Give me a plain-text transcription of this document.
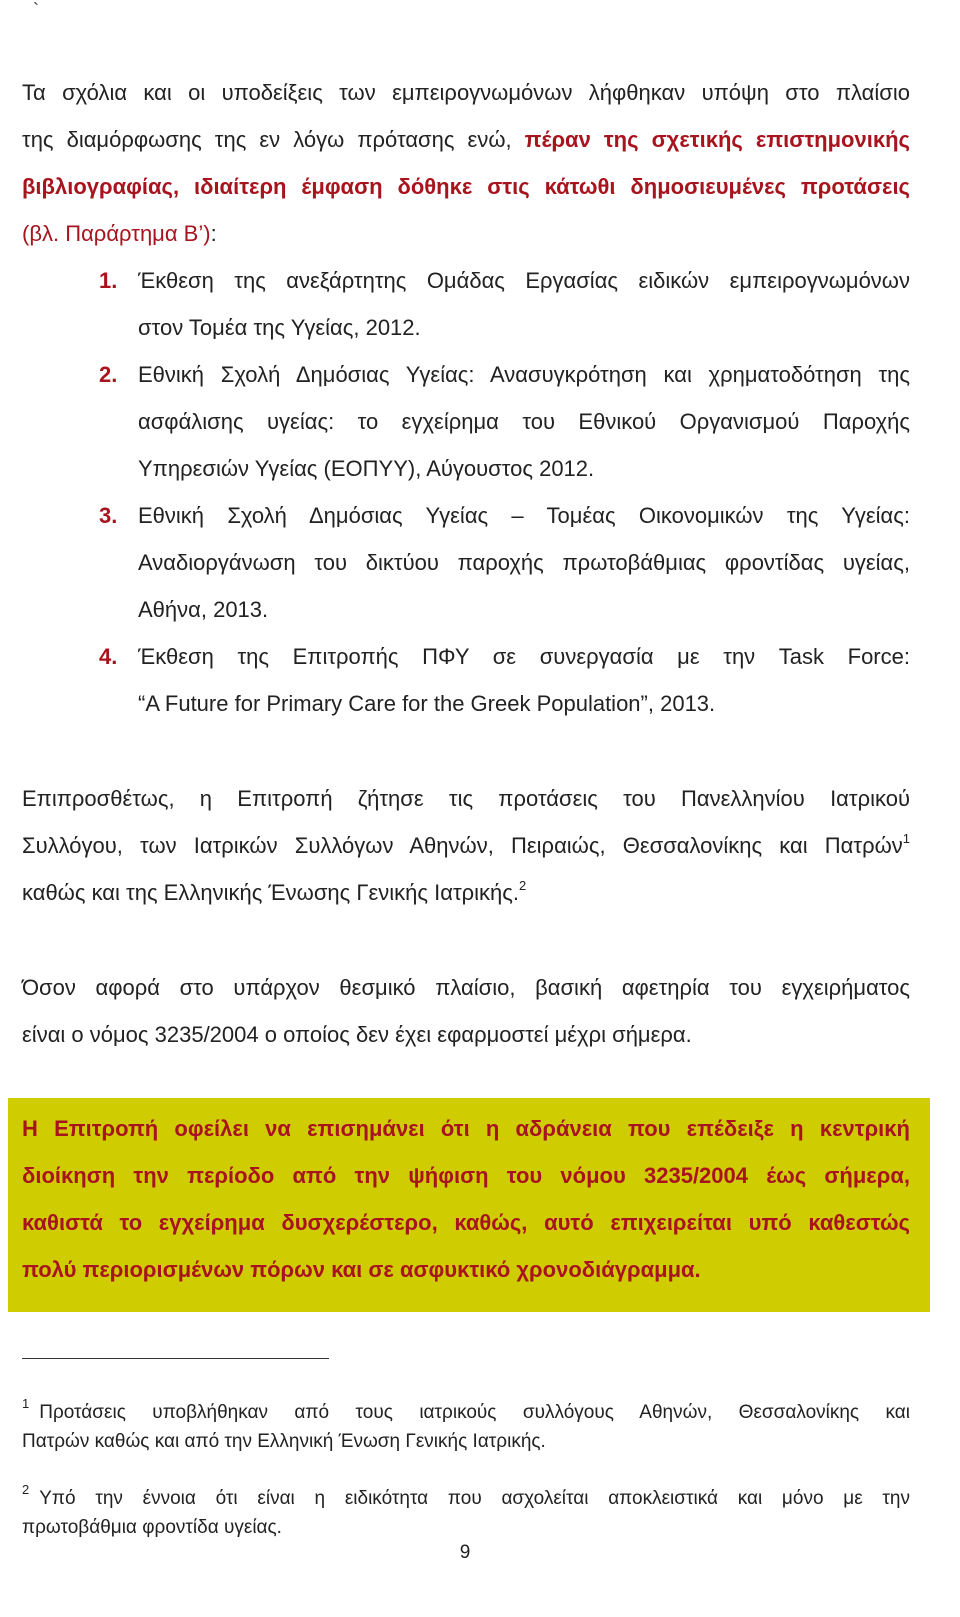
`
Τα σχόλια και οι υποδείξεις των εμπειρογνωμόνων λήφθηκαν υπόψη στο πλαίσιο
της διαμόρφωσης της εν λόγω πρότασης ενώ, πέραν της σχετικής επιστημονικής
βιβλιογραφίας, ιδιαίτερη έμφαση δόθηκε στις κάτωθι δημοσιευμένες προτάσεις
(βλ. Παράρτημα Β’):
1. Έκθεση της ανεξάρτητης Ομάδας Εργασίας ειδικών εμπειρογνωμόνων
στον Τομέα της Υγείας, 2012.
2. Εθνική Σχολή Δημόσιας Υγείας: Ανασυγκρότηση και χρηματοδότηση της
ασφάλισης υγείας: το εγχείρημα του Εθνικού Οργανισμού Παροχής
Υπηρεσιών Υγείας (ΕΟΠΥΥ), Αύγουστος 2012.
3. Εθνική Σχολή Δημόσιας Υγείας – Τομέας Οικονομικών της Υγείας:
Αναδιοργάνωση του δικτύου παροχής πρωτοβάθμιας φροντίδας υγείας,
Αθήνα, 2013.
4. Έκθεση της Επιτροπής ΠΦΥ σε συνεργασία με την Task Force:
“A Future for Primary Care for the Greek Population”, 2013.
Επιπροσθέτως, η Επιτροπή ζήτησε τις προτάσεις του Πανελληνίου Ιατρικού
Συλλόγου, των Ιατρικών Συλλόγων Αθηνών, Πειραιώς, Θεσσαλονίκης και Πατρών$^1$
καθώς και της Ελληνικής Ένωσης Γενικής Ιατρικής.$^2$
Όσον αφορά στο υπάρχον θεσμικό πλαίσιο, βασική αφετηρία του εγχειρήματος
είναι ο νόμος 3235/2004 ο οποίος δεν έχει εφαρμοστεί μέχρι σήμερα.
Η Επιτροπή οφείλει να επισημάνει ότι η αδράνεια που επέδειξε η κεντρική
διοίκηση την περίοδο από την ψήφιση του νόμου 3235/2004 έως σήμερα,
καθιστά το εγχείρημα δυσχερέστερο, καθώς, αυτό επιχειρείται υπό καθεστώς
πολύ περιορισμένων πόρων και σε ασφυκτικό χρονοδιάγραμμα.
$^1$ Προτάσεις υποβλήθηκαν από τους ιατρικούς συλλόγους Αθηνών, Θεσσαλονίκης και
Πατρών καθώς και από την Ελληνική Ένωση Γενικής Ιατρικής.
$^2$ Υπό την έννοια ότι είναι η ειδικότητα που ασχολείται αποκλειστικά και μόνο με την
πρωτοβάθμια φροντίδα υγείας.
9
